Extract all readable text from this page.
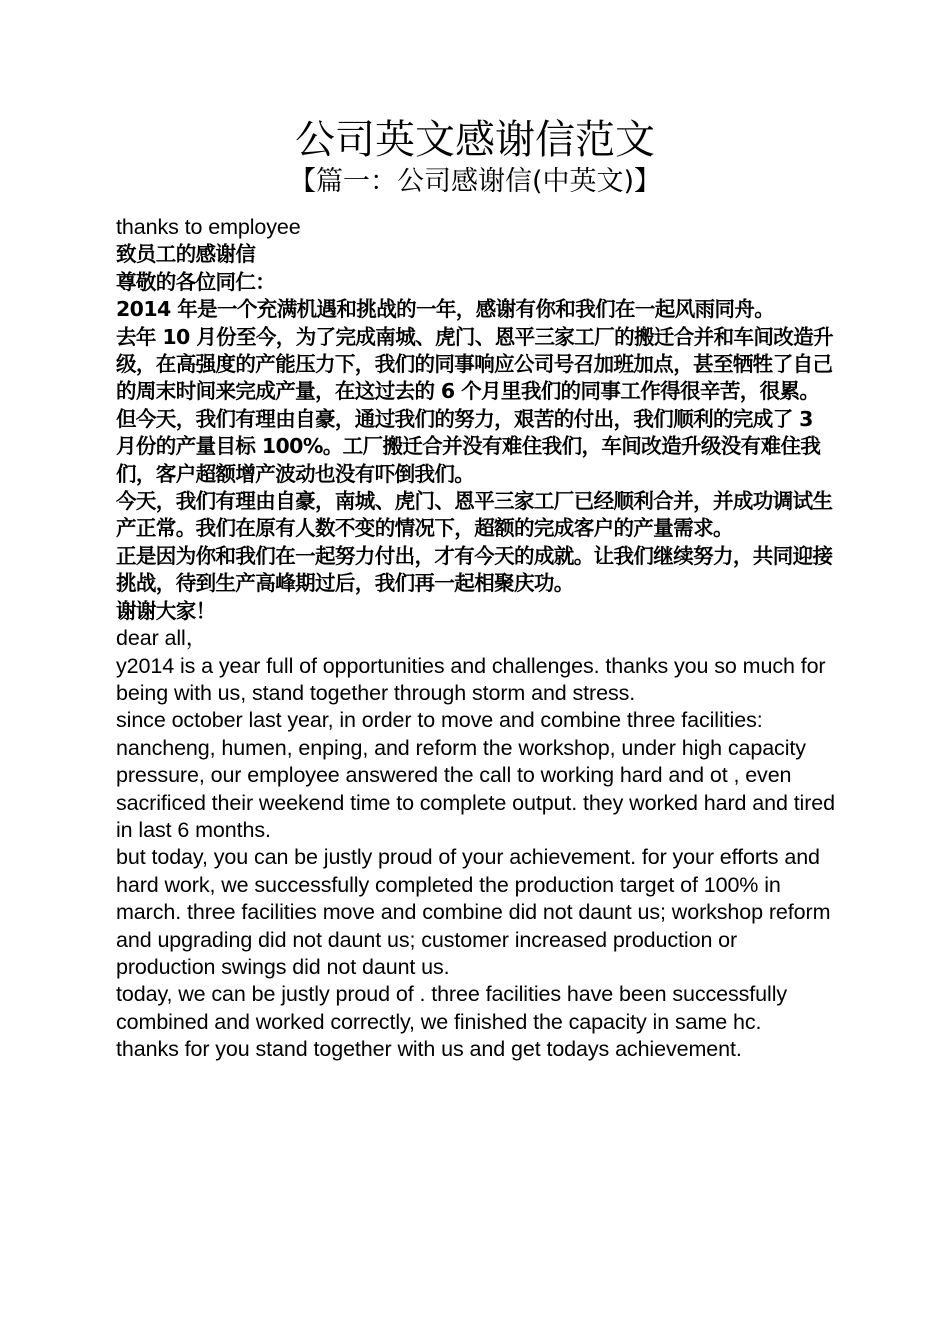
公司英文感谢信范文
【篇一：公司感谢信(中英文)】

thanks to employee

致员工的感谢信

尊敬的各位同仁：

2014 年是一个充满机遇和挑战的一年，感谢有你和我们在一起风雨同舟。

去年 10 月份至今，为了完成南城、虎门、恩平三家工厂的搬迁合并和车间改造升级，在高强度的产能压力下，我们的同事响应公司号召加班加点，甚至牺牲了自己的周末时间来完成产量，在这过去的 6 个月里我们的同事工作得很辛苦，很累。

但今天，我们有理由自豪，通过我们的努力，艰苦的付出，我们顺利的完成了 3 月份的产量目标 100%。工厂搬迁合并没有难住我们，车间改造升级没有难住我们，客户超额增产波动也没有吓倒我们。

今天，我们有理由自豪，南城、虎门、恩平三家工厂已经顺利合并，并成功调试生产正常。我们在原有人数不变的情况下，超额的完成客户的产量需求。

正是因为你和我们在一起努力付出，才有今天的成就。让我们继续努力，共同迎接挑战，待到生产高峰期过后，我们再一起相聚庆功。

谢谢大家！

dear all，

y2014 is a year full of opportunities and challenges. thanks you so much for being with us, stand together through storm and stress.

since october last year, in order to move and combine three facilities: nancheng, humen, enping, and reform the workshop, under high capacity pressure, our employee answered the call to working hard and ot , even sacrificed their weekend time to complete output. they worked hard and tired in last 6 months.

but today, you can be justly proud of your achievement. for your efforts and hard work, we successfully completed the production target of 100% in march. three facilities move and combine did not daunt us; workshop reform and upgrading did not daunt us; customer increased production or production swings did not daunt us.

today, we can be justly proud of . three facilities have been successfully combined and worked correctly, we finished the capacity in same hc.

thanks for you stand together with us and get todays achievement.
